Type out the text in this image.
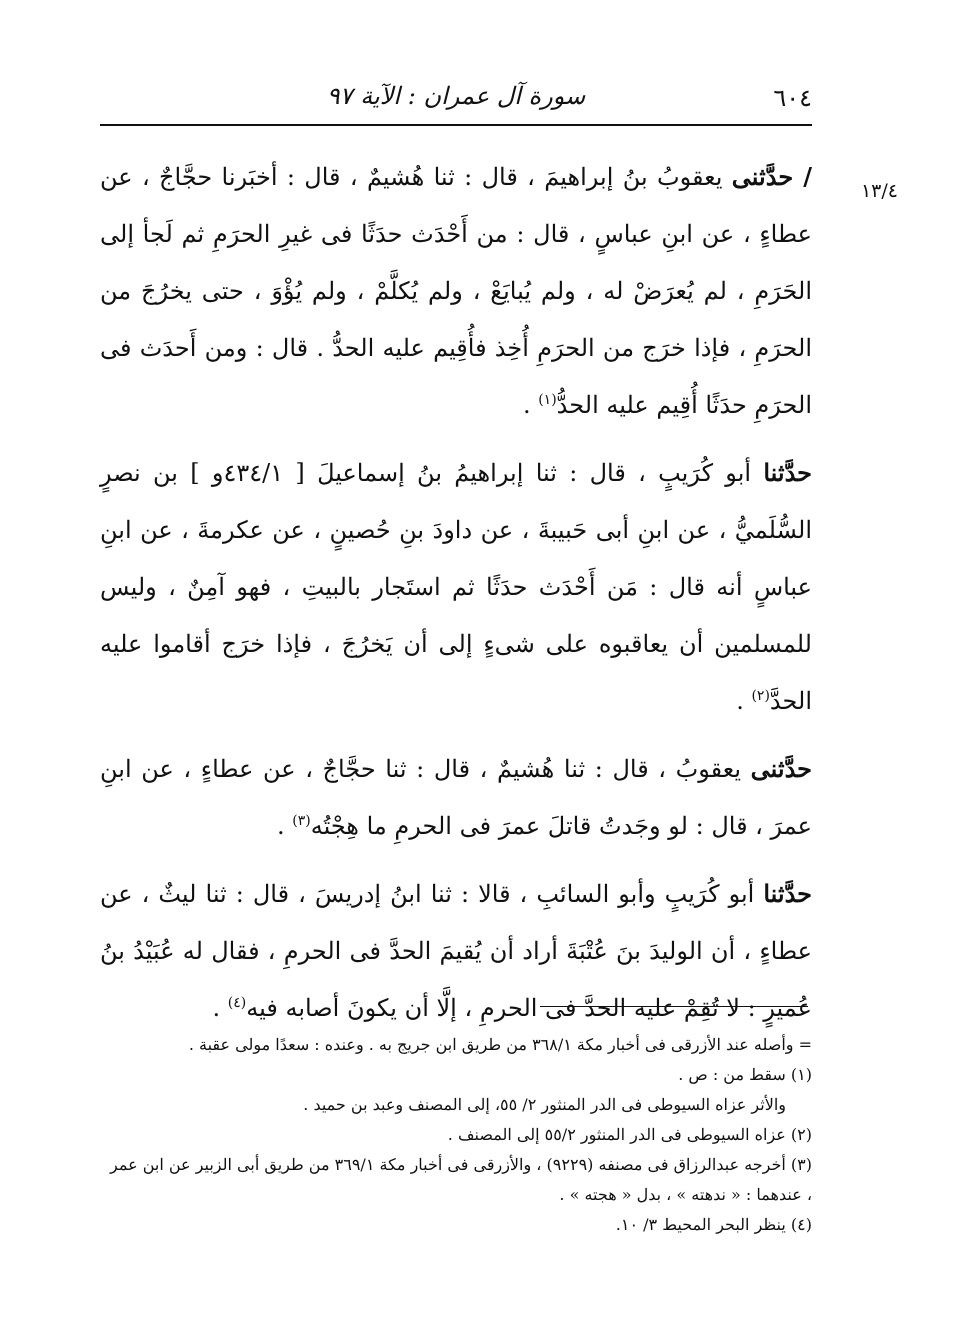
٦٠٤
سورة آل عمران : الآية ٩٧
١٣/٤

/ حدَّثنى يعقوبُ بنُ إبراهيمَ ، قال : ثنا هُشيمٌ ، قال : أخبَرنا حجَّاجٌ ، عن عطاءٍ ، عن ابنِ عباسٍ ، قال : من أَحْدَث حدَثًا فى غيرِ الحرَمِ ثم لَجأ إلى الحَرَمِ ، لم يُعرَضْ له ، ولم يُبايَعْ ، ولم يُكلَّمْ ، ولم يُؤْوَ ، حتى يخرُجَ من الحرَمِ ، فإذا خرَج من الحرَمِ أُخِذ فأُقِيم عليه الحدُّ . قال : ومن أَحدَث فى الحرَمِ حدَثًا أُقِيم عليه الحدُّ$^{(١)}$ .

حدَّثنا أبو كُرَيبٍ ، قال : ثنا إبراهيمُ بنُ إسماعيلَ [ ٤٣٤/١و ] بن نصرٍ السُّلَميُّ ، عن ابنِ أبى حَبيبةَ ، عن داودَ بنِ حُصينٍ ، عن عكرمةَ ، عن ابنِ عباسٍ أنه قال : مَن أَحْدَث حدَثًا ثم استَجار بالبيتِ ، فهو آمِنٌ ، وليس للمسلمين أن يعاقبوه على شىءٍ إلى أن يَخرُجَ ، فإذا خرَج أقاموا عليه الحدَّ$^{(٢)}$ .

حدَّثنى يعقوبُ ، قال : ثنا هُشيمٌ ، قال : ثنا حجَّاجٌ ، عن عطاءٍ ، عن ابنِ عمرَ ، قال : لو وجَدتُ قاتلَ عمرَ فى الحرمِ ما هِجْتُه$^{(٣)}$ .

حدَّثنا أبو كُرَيبٍ وأبو السائبِ ، قالا : ثنا ابنُ إدريسَ ، قال : ثنا ليثٌ ، عن عطاءٍ ، أن الوليدَ بنَ عُتْبَةَ أراد أن يُقيمَ الحدَّ فى الحرمِ ، فقال له عُبَيْدُ بنُ عُميرٍ : لا تُقِمْ عليه الحدَّ فى الحرمِ ، إلَّا أن يكونَ أصابه فيه$^{(٤)}$ .

= وأصله عند الأزرقى فى أخبار مكة ٣٦٨/١ من طريق ابن جريج به . وعنده : سعدًا مولى عقبة .

(١) سقط من : ص .

والأثر عزاه السيوطى فى الدر المنثور ٢/ ٥٥، إلى المصنف وعبد بن حميد .

(٢) عزاه السيوطى فى الدر المنثور ٥٥/٢ إلى المصنف .

(٣) أخرجه عبدالرزاق فى مصنفه (٩٢٢٩) ، والأزرقى فى أخبار مكة ٣٦٩/١ من طريق أبى الزبير عن ابن عمر ، عندهما : « ندهته » ، بدل « هجته » .

(٤) ينظر البحر المحيط ٣/ ١٠.
